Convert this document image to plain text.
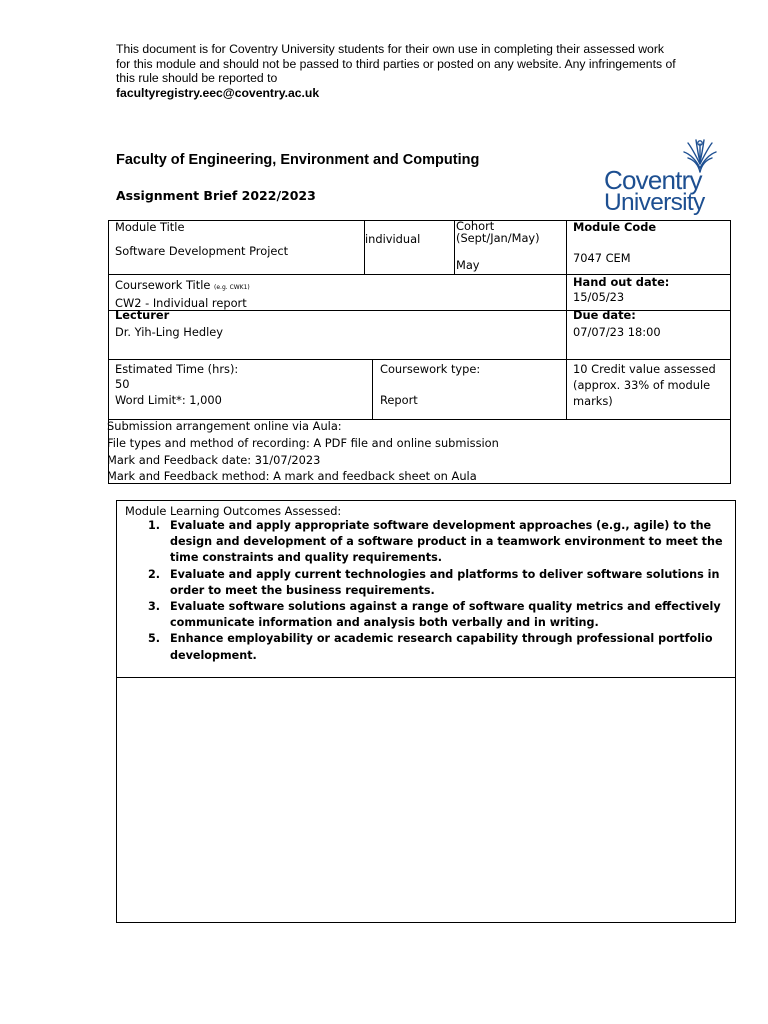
This document is for Coventry University students for their own use in completing their assessed work for this module and should not be passed to third parties or posted on any website. Any infringements of this rule should be reported to
facultyregistry.eec@coventry.ac.uk
Faculty of Engineering, Environment and Computing
Assignment Brief 2022/2023
Coventry
University
Module Title
Software Development Project
individual
Cohort
(Sept/Jan/May)
May
Module Code
7047 CEM
Coursework Title (e.g. CWK1)
CW2 - Individual report
Hand out date:
15/05/23
Lecturer
Dr. Yih-Ling Hedley
Due date:
07/07/23 18:00
Estimated Time (hrs):
50
Word Limit*: 1,000
Coursework type:
Report
10 Credit value assessed
(approx. 33% of module
marks)
Submission arrangement online via Aula:
File types and method of recording: A PDF file and online submission
Mark and Feedback date: 31/07/2023
Mark and Feedback method: A mark and feedback sheet on Aula
Module Learning Outcomes Assessed:
1. Evaluate and apply appropriate software development approaches (e.g., agile) to the design and development of a software product in a teamwork environment to meet the time constraints and quality requirements.
2. Evaluate and apply current technologies and platforms to deliver software solutions in order to meet the business requirements.
3. Evaluate software solutions against a range of software quality metrics and effectively communicate information and analysis both verbally and in writing.
5. Enhance employability or academic research capability through professional portfolio development.
